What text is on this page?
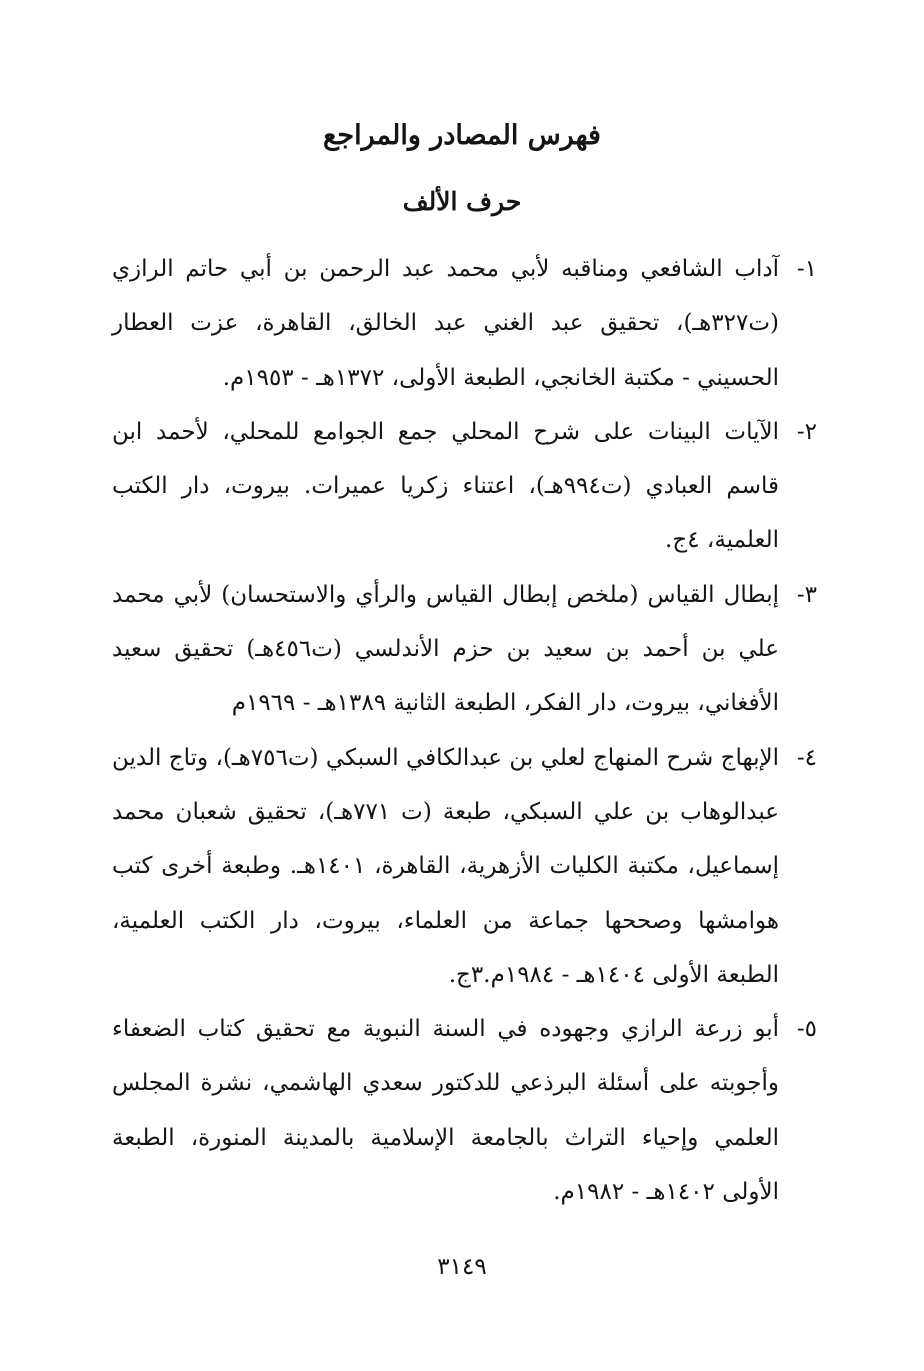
فهرس المصادر والمراجع
حرف الألف
١-

آداب الشافعي ومناقبه لأبي محمد عبد الرحمن بن أبي حاتم الرازي (ت٣٢٧هـ)، تحقيق عبد الغني عبد الخالق، القاهرة، عزت العطار الحسيني - مكتبة الخانجي، الطبعة الأولى، ١٣٧٢هـ - ١٩٥٣م.

٢-

الآيات البينات على شرح المحلي جمع الجوامع للمحلي، لأحمد ابن قاسم العبادي (ت٩٩٤هـ)، اعتناء زكريا عميرات. بيروت، دار الكتب العلمية، ٤ج.

٣-

إبطال القياس (ملخص إبطال القياس والرأي والاستحسان) لأبي محمد علي بن أحمد بن سعيد بن حزم الأندلسي (ت٤٥٦هـ) تحقيق سعيد الأفغاني، بيروت، دار الفكر، الطبعة الثانية ١٣٨٩هـ - ١٩٦٩م

٤-

الإبهاج شرح المنهاج لعلي بن عبدالكافي السبكي (ت٧٥٦هـ)، وتاج الدين عبدالوهاب بن علي السبكي، طبعة (ت ٧٧١هـ)، تحقيق شعبان محمد إسماعيل، مكتبة الكليات الأزهرية، القاهرة، ١٤٠١هـ. وطبعة أخرى كتب هوامشها وصححها جماعة من العلماء، بيروت، دار الكتب العلمية، الطبعة الأولى ١٤٠٤هـ - ١٩٨٤م.٣ج.

٥-

أبو زرعة الرازي وجهوده في السنة النبوية مع تحقيق كتاب الضعفاء وأجوبته على أسئلة البرذعي للدكتور سعدي الهاشمي، نشرة المجلس العلمي وإحياء التراث بالجامعة الإسلامية بالمدينة المنورة، الطبعة الأولى ١٤٠٢هـ - ١٩٨٢م.

٣١٤٩
